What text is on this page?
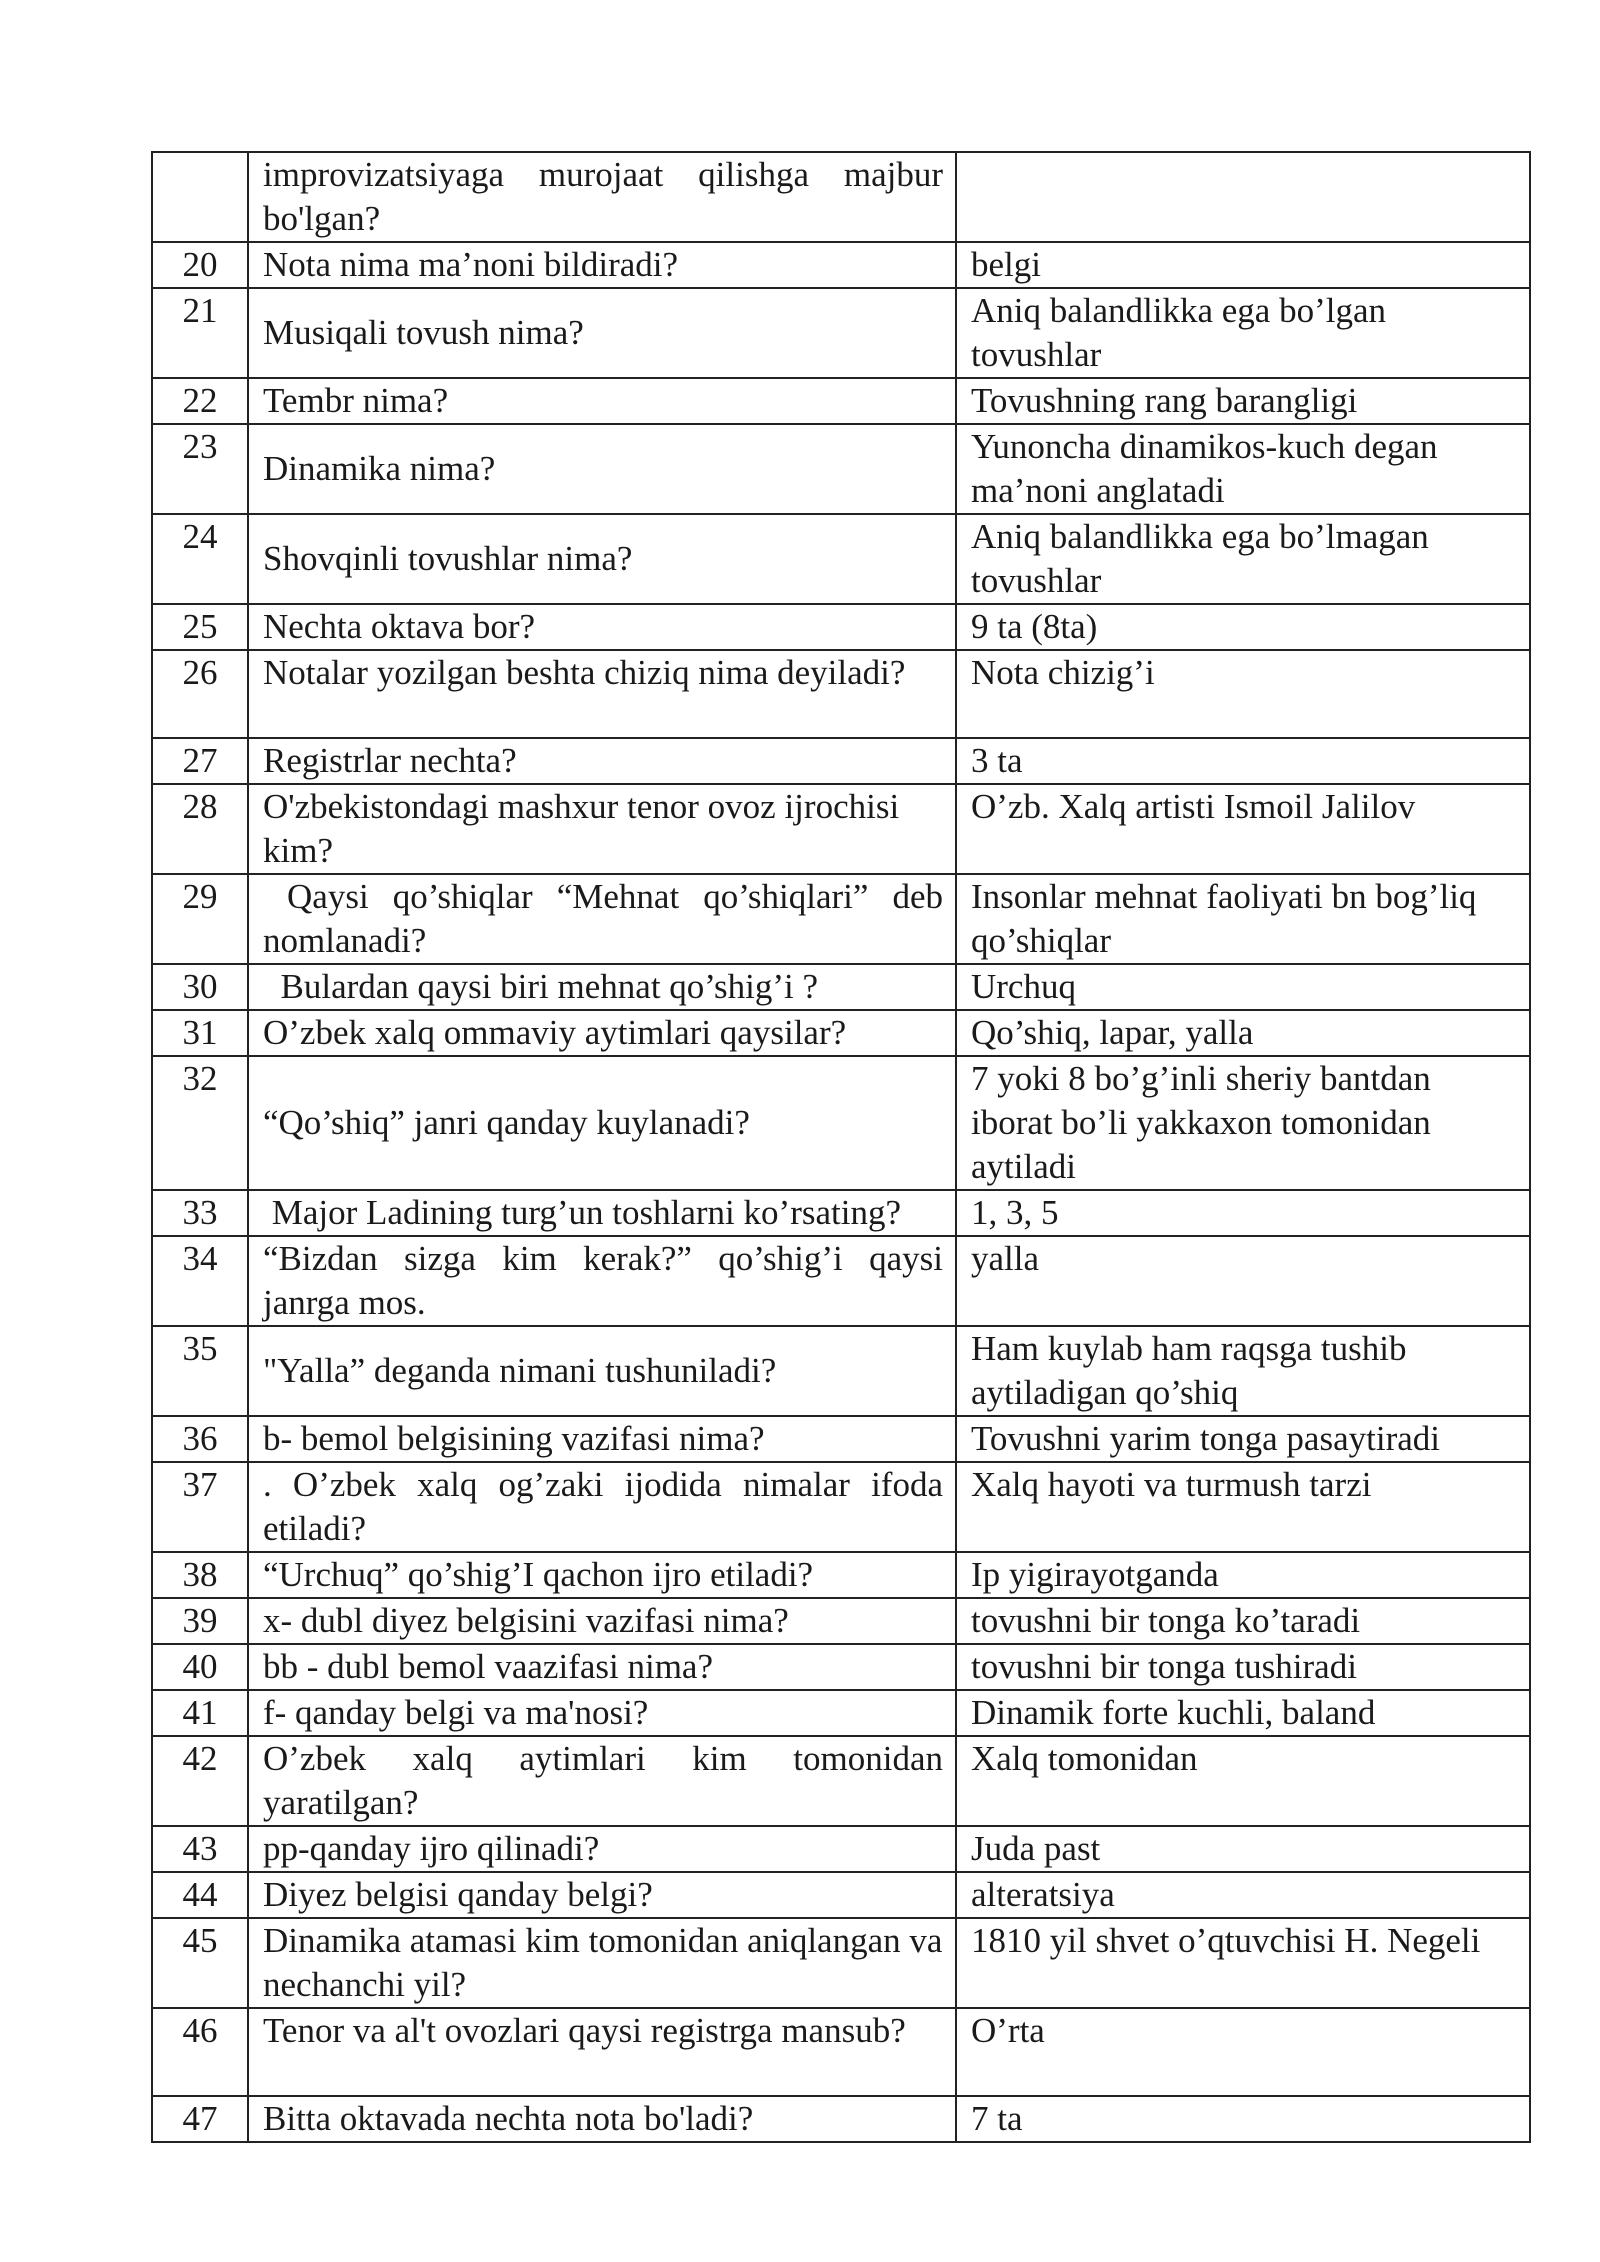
	improvizatsiyaga murojaat qilishga majbur bo'lgan?	
20	Nota nima ma’noni bildiradi?	belgi
21	Musiqali tovush nima?	Aniq balandlikka ega bo’lgan tovushlar
22	Tembr nima?	Tovushning rang barangligi
23	Dinamika nima?	Yunoncha dinamikos-kuch degan ma’noni anglatadi
24	Shovqinli tovushlar nima?	Aniq balandlikka ega bo’lmagan tovushlar
25	Nechta oktava bor?	9 ta (8ta)
26	Notalar yozilgan beshta chiziq nima deyiladi?	Nota chizig’i
27	Registrlar nechta?	3 ta
28	O'zbekistondagi mashxur tenor ovoz ijrochisi kim?	O’zb. Xalq artisti Ismoil Jalilov
29	Qaysi qo’shiqlar “Mehnat qo’shiqlari” deb nomlanadi?	Insonlar mehnat faoliyati bn bog’liq qo’shiqlar
30	Bulardan qaysi biri mehnat qo’shig’i ?	Urchuq
31	O’zbek xalq ommaviy aytimlari qaysilar?	Qo’shiq, lapar, yalla
32	“Qo’shiq” janri qanday kuylanadi?	7 yoki 8 bo’g’inli sheriy bantdan iborat bo’li yakkaxon tomonidan aytiladi
33	Major Ladining turg’un toshlarni ko’rsating?	1, 3, 5
34	“Bizdan sizga kim kerak?” qo’shig’i qaysi janrga mos.	yalla
35	"Yalla” deganda nimani tushuniladi?	Ham kuylab ham raqsga tushib aytiladigan qo’shiq
36	b- bemol belgisining vazifasi nima?	Tovushni yarim tonga pasaytiradi
37	. O’zbek xalq og’zaki ijodida nimalar ifoda etiladi?	Xalq hayoti va turmush tarzi
38	“Urchuq” qo’shig’I qachon ijro etiladi?	Ip yigirayotganda
39	x- dubl diyez belgisini vazifasi nima?	tovushni bir tonga ko’taradi
40	bb - dubl bemol vaazifasi nima?	tovushni bir tonga tushiradi
41	f- qanday belgi va ma'nosi?	Dinamik forte kuchli, baland
42	O’zbek xalq aytimlari kim tomonidan yaratilgan?	Xalq tomonidan
43	pp-qanday ijro qilinadi?	Juda past
44	Diyez belgisi qanday belgi?	alteratsiya
45	Dinamika atamasi kim tomonidan aniqlangan va nechanchi yil?	1810 yil shvet o’qtuvchisi H. Negeli
46	Tenor va al't ovozlari qaysi registrga mansub?	O’rta
47	Bitta oktavada nechta nota bo'ladi?	7 ta
